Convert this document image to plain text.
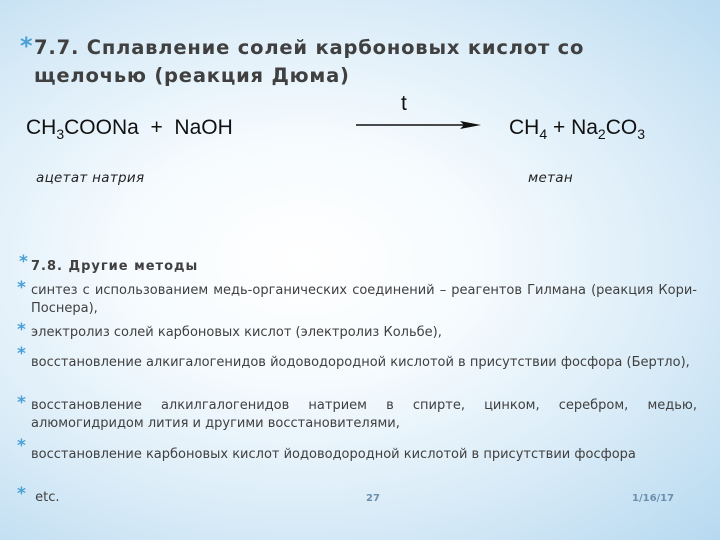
* 7.7. Сплавление солей карбоновых кислот со щелочью (реакция Дюма)
t
$CH_3COONa$  +  NaOH	$CH_4 + Na_2CO_3$
ацетат натрия	метан
* 7.8. Другие методы
* синтез с использованием медь-органических соединений – реагентов Гилмана (реакция Кори-Поснера),
* электролиз солей карбоновых кислот (электролиз Кольбе),
* восстановление алкигалогенидов йодоводородной кислотой в присутствии фосфора (Бертло),
* восстановление алкилгалогенидов натрием в спирте, цинком, серебром, медью, алюмогидридом лития и другими восстановителями,
* восстановление карбоновых кислот йодоводородной кислотой в присутствии фосфора
* etc.	27	1/16/17
